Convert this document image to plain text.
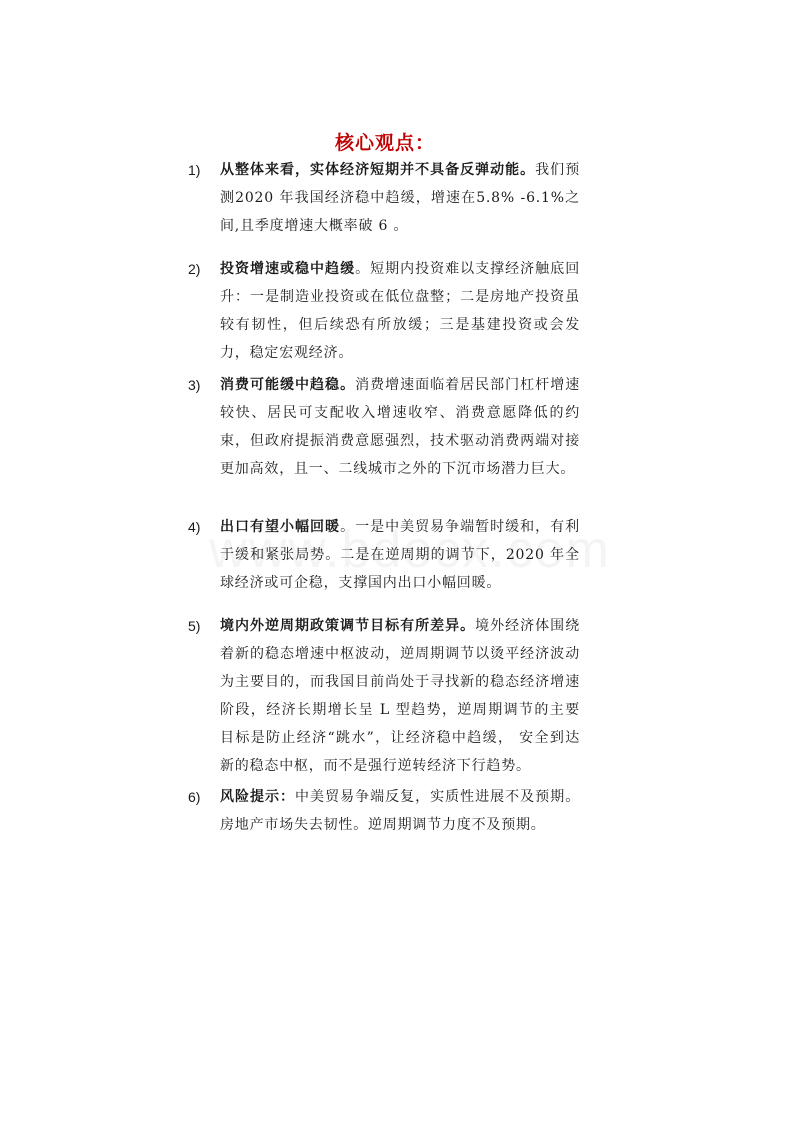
核心观点：
1) 从整体来看，实体经济短期并不具备反弹动能。我们预测2020 年我国经济稳中趋缓，增速在5.8% -6.1%之间,且季度增速大概率破 6 。
2) 投资增速或稳中趋缓。短期内投资难以支撑经济触底回升：一是制造业投资或在低位盘整；二是房地产投资虽较有韧性，但后续恐有所放缓；三是基建投资或会发力，稳定宏观经济。
3) 消费可能缓中趋稳。消费增速面临着居民部门杠杆增速较快、居民可支配收入增速收窄、消费意愿降低的约束，但政府提振消费意愿强烈，技术驱动消费两端对接更加高效，且一、二线城市之外的下沉市场潜力巨大。
4) 出口有望小幅回暖。一是中美贸易争端暂时缓和，有利于缓和紧张局势。二是在逆周期的调节下，2020 年全球经济或可企稳，支撑国内出口小幅回暖。
5) 境内外逆周期政策调节目标有所差异。境外经济体围绕着新的稳态增速中枢波动，逆周期调节以烫平经济波动为主要目的，而我国目前尚处于寻找新的稳态经济增速阶段，经济长期增长呈 L 型趋势，逆周期调节的主要目标是防止经济“跳水”，让经济稳中趋缓， 安全到达新的稳态中枢，而不是强行逆转经济下行趋势。
6) 风险提示：中美贸易争端反复，实质性进展不及预期。房地产市场失去韧性。逆周期调节力度不及预期。
